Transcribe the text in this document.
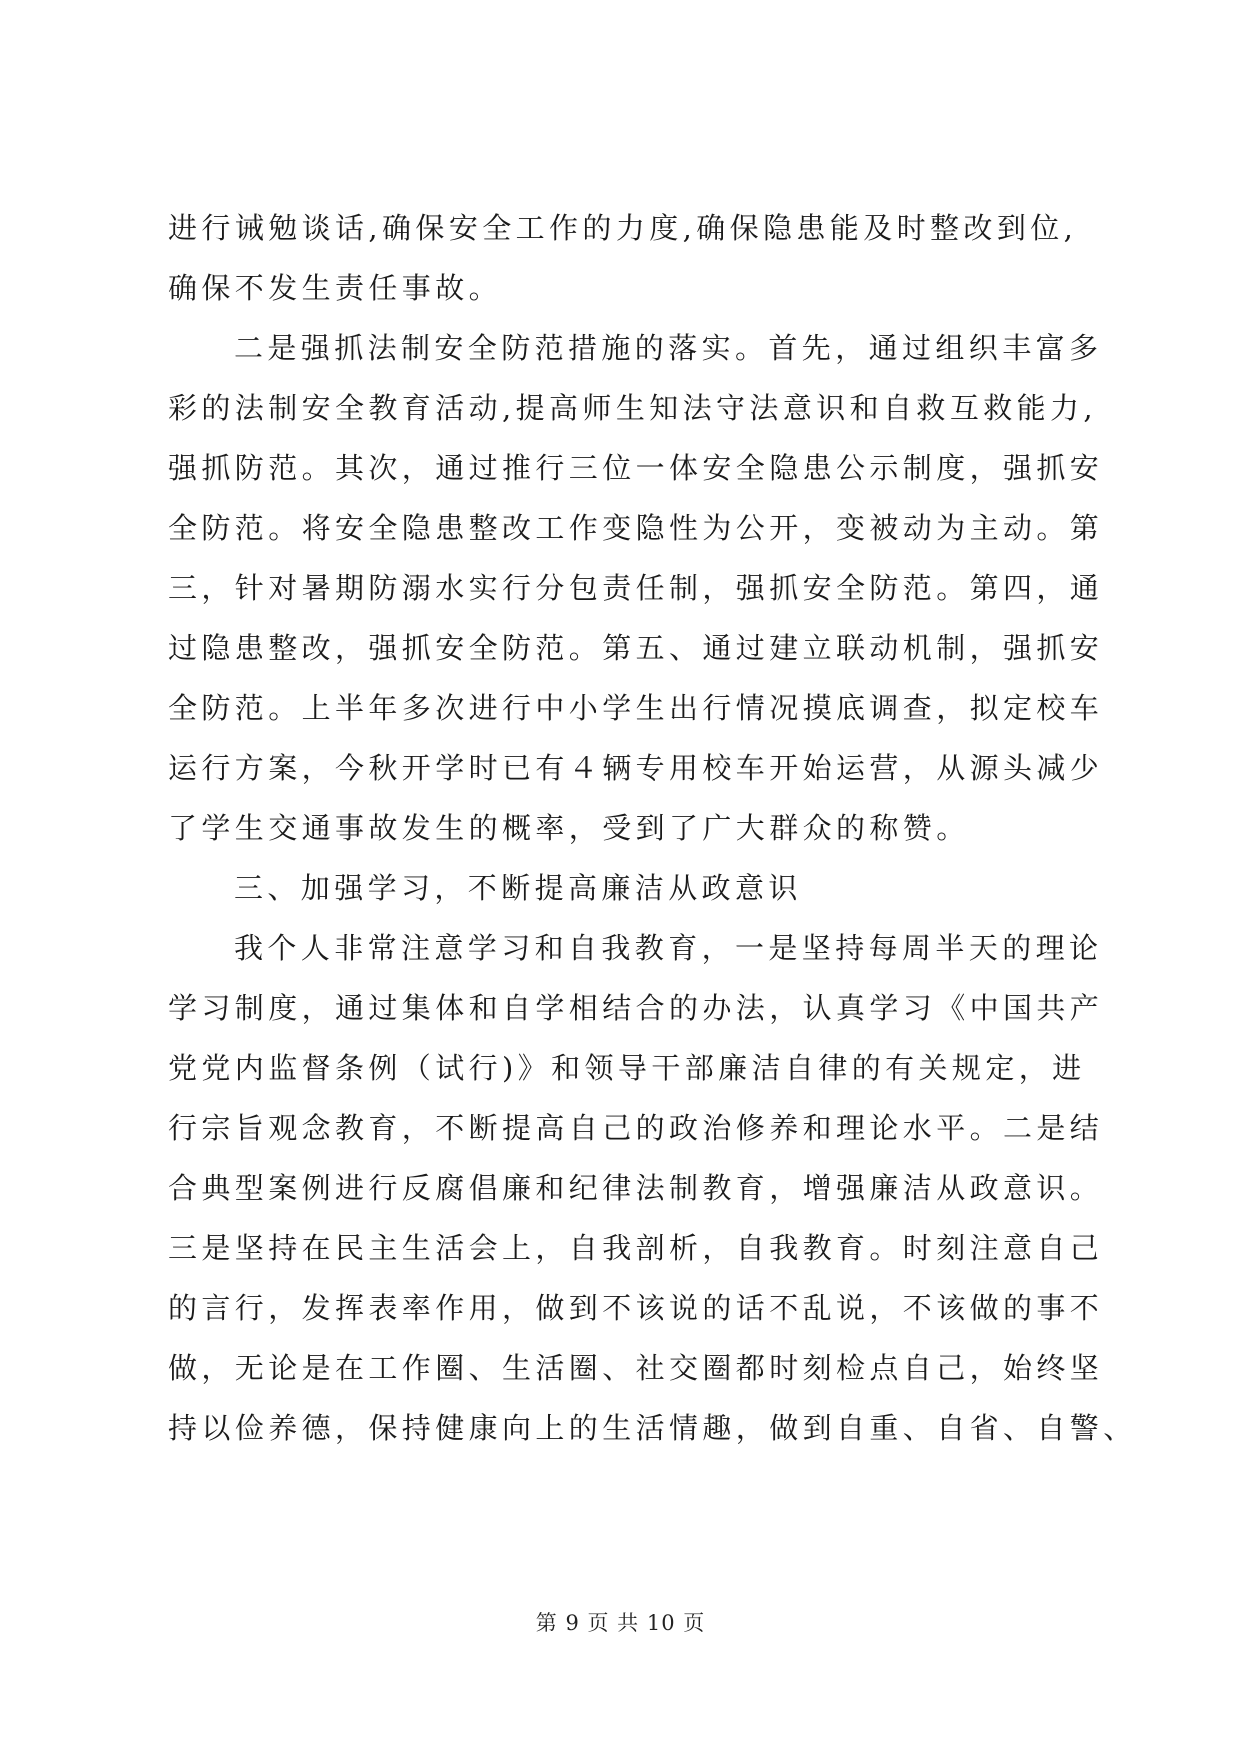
进行诫勉谈话,确保安全工作的力度,确保隐患能及时整改到位,
确保不发生责任事故。
二是强抓法制安全防范措施的落实。首先，通过组织丰富多
彩的法制安全教育活动,提高师生知法守法意识和自救互救能力,
强抓防范。其次，通过推行三位一体安全隐患公示制度，强抓安
全防范。将安全隐患整改工作变隐性为公开，变被动为主动。第
三，针对暑期防溺水实行分包责任制，强抓安全防范。第四，通
过隐患整改，强抓安全防范。第五、通过建立联动机制，强抓安
全防范。上半年多次进行中小学生出行情况摸底调查，拟定校车
运行方案，今秋开学时已有４辆专用校车开始运营，从源头减少
了学生交通事故发生的概率，受到了广大群众的称赞。
三、加强学习，不断提高廉洁从政意识
我个人非常注意学习和自我教育，一是坚持每周半天的理论
学习制度，通过集体和自学相结合的办法，认真学习《中国共产
党党内监督条例（试行)》和领导干部廉洁自律的有关规定，进
行宗旨观念教育，不断提高自己的政治修养和理论水平。二是结
合典型案例进行反腐倡廉和纪律法制教育，增强廉洁从政意识。
三是坚持在民主生活会上，自我剖析，自我教育。时刻注意自己
的言行，发挥表率作用，做到不该说的话不乱说，不该做的事不
做，无论是在工作圈、生活圈、社交圈都时刻检点自己，始终坚
持以俭养德，保持健康向上的生活情趣，做到自重、自省、自警、
第 9 页 共 10 页
